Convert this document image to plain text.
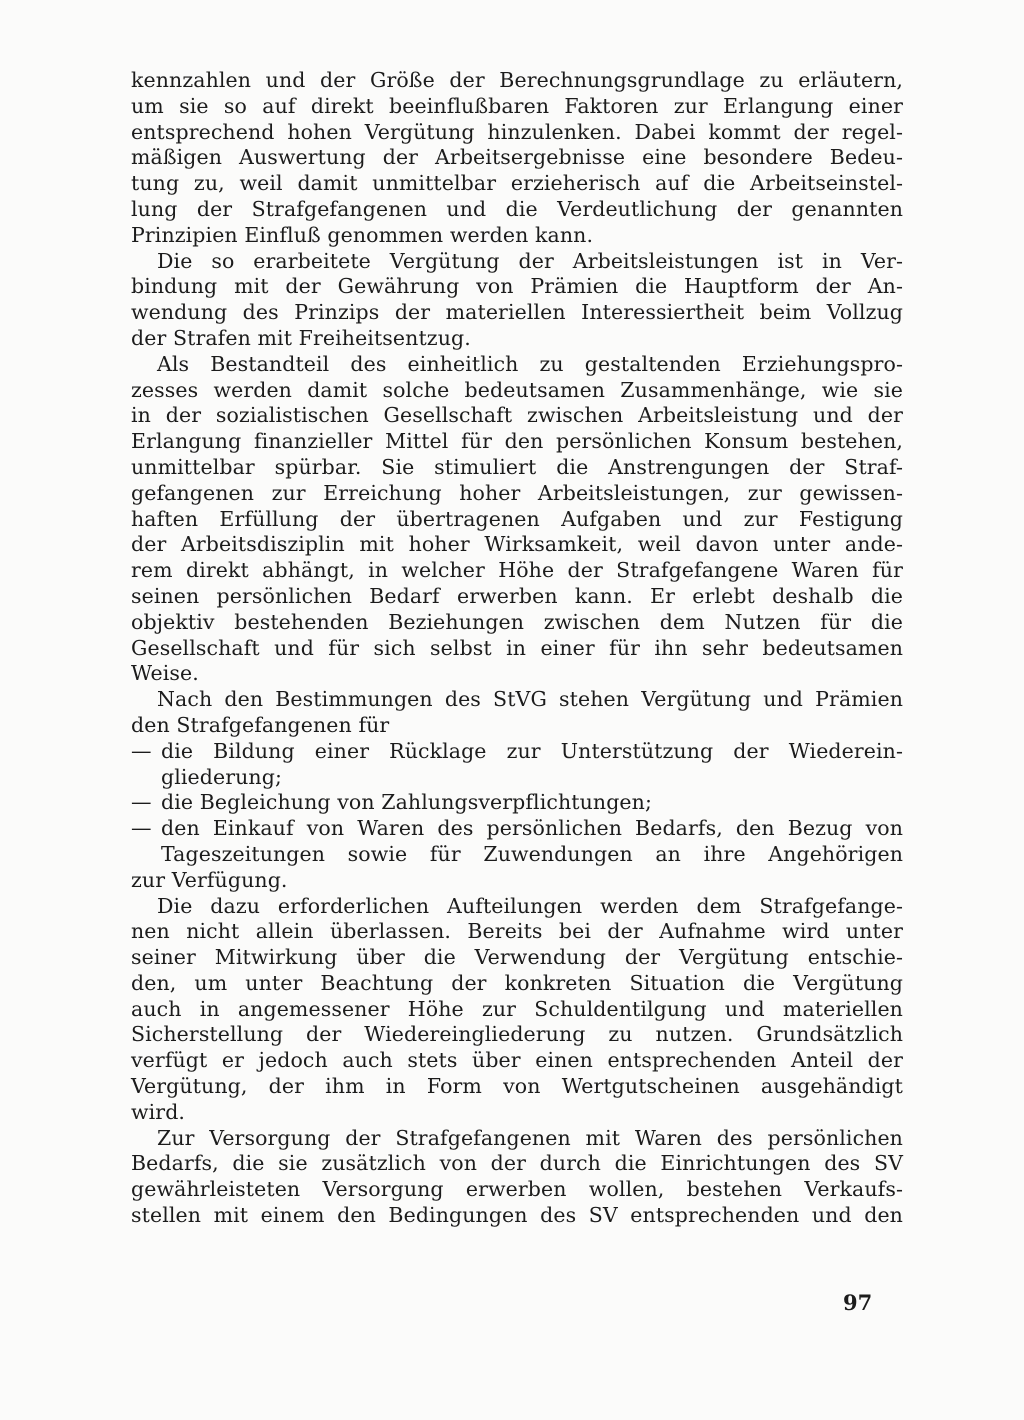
kennzahlen und der Größe der Berechnungsgrundlage zu erläutern,
um sie so auf direkt beeinflußbaren Faktoren zur Erlangung einer
entsprechend hohen Vergütung hinzulenken. Dabei kommt der regel-
mäßigen Auswertung der Arbeitsergebnisse eine besondere Bedeu-
tung zu, weil damit unmittelbar erzieherisch auf die Arbeitseinstel-
lung der Strafgefangenen und die Verdeutlichung der genannten
Prinzipien Einfluß genommen werden kann.
Die so erarbeitete Vergütung der Arbeitsleistungen ist in Ver-
bindung mit der Gewährung von Prämien die Hauptform der An-
wendung des Prinzips der materiellen Interessiertheit beim Vollzug
der Strafen mit Freiheitsentzug.
Als Bestandteil des einheitlich zu gestaltenden Erziehungspro-
zesses werden damit solche bedeutsamen Zusammenhänge, wie sie
in der sozialistischen Gesellschaft zwischen Arbeitsleistung und der
Erlangung finanzieller Mittel für den persönlichen Konsum bestehen,
unmittelbar spürbar. Sie stimuliert die Anstrengungen der Straf-
gefangenen zur Erreichung hoher Arbeitsleistungen, zur gewissen-
haften Erfüllung der übertragenen Aufgaben und zur Festigung
der Arbeitsdisziplin mit hoher Wirksamkeit, weil davon unter ande-
rem direkt abhängt, in welcher Höhe der Strafgefangene Waren für
seinen persönlichen Bedarf erwerben kann. Er erlebt deshalb die
objektiv bestehenden Beziehungen zwischen dem Nutzen für die
Gesellschaft und für sich selbst in einer für ihn sehr bedeutsamen
Weise.
Nach den Bestimmungen des StVG stehen Vergütung und Prämien
den Strafgefangenen für
— die Bildung einer Rücklage zur Unterstützung der Wiederein-
gliederung;
— die Begleichung von Zahlungsverpflichtungen;
— den Einkauf von Waren des persönlichen Bedarfs, den Bezug von
Tageszeitungen sowie für Zuwendungen an ihre Angehörigen
zur Verfügung.
Die dazu erforderlichen Aufteilungen werden dem Strafgefange-
nen nicht allein überlassen. Bereits bei der Aufnahme wird unter
seiner Mitwirkung über die Verwendung der Vergütung entschie-
den, um unter Beachtung der konkreten Situation die Vergütung
auch in angemessener Höhe zur Schuldentilgung und materiellen
Sicherstellung der Wiedereingliederung zu nutzen. Grundsätzlich
verfügt er jedoch auch stets über einen entsprechenden Anteil der
Vergütung, der ihm in Form von Wertgutscheinen ausgehändigt
wird.
Zur Versorgung der Strafgefangenen mit Waren des persönlichen
Bedarfs, die sie zusätzlich von der durch die Einrichtungen des SV
gewährleisteten Versorgung erwerben wollen, bestehen Verkaufs-
stellen mit einem den Bedingungen des SV entsprechenden und den
97
